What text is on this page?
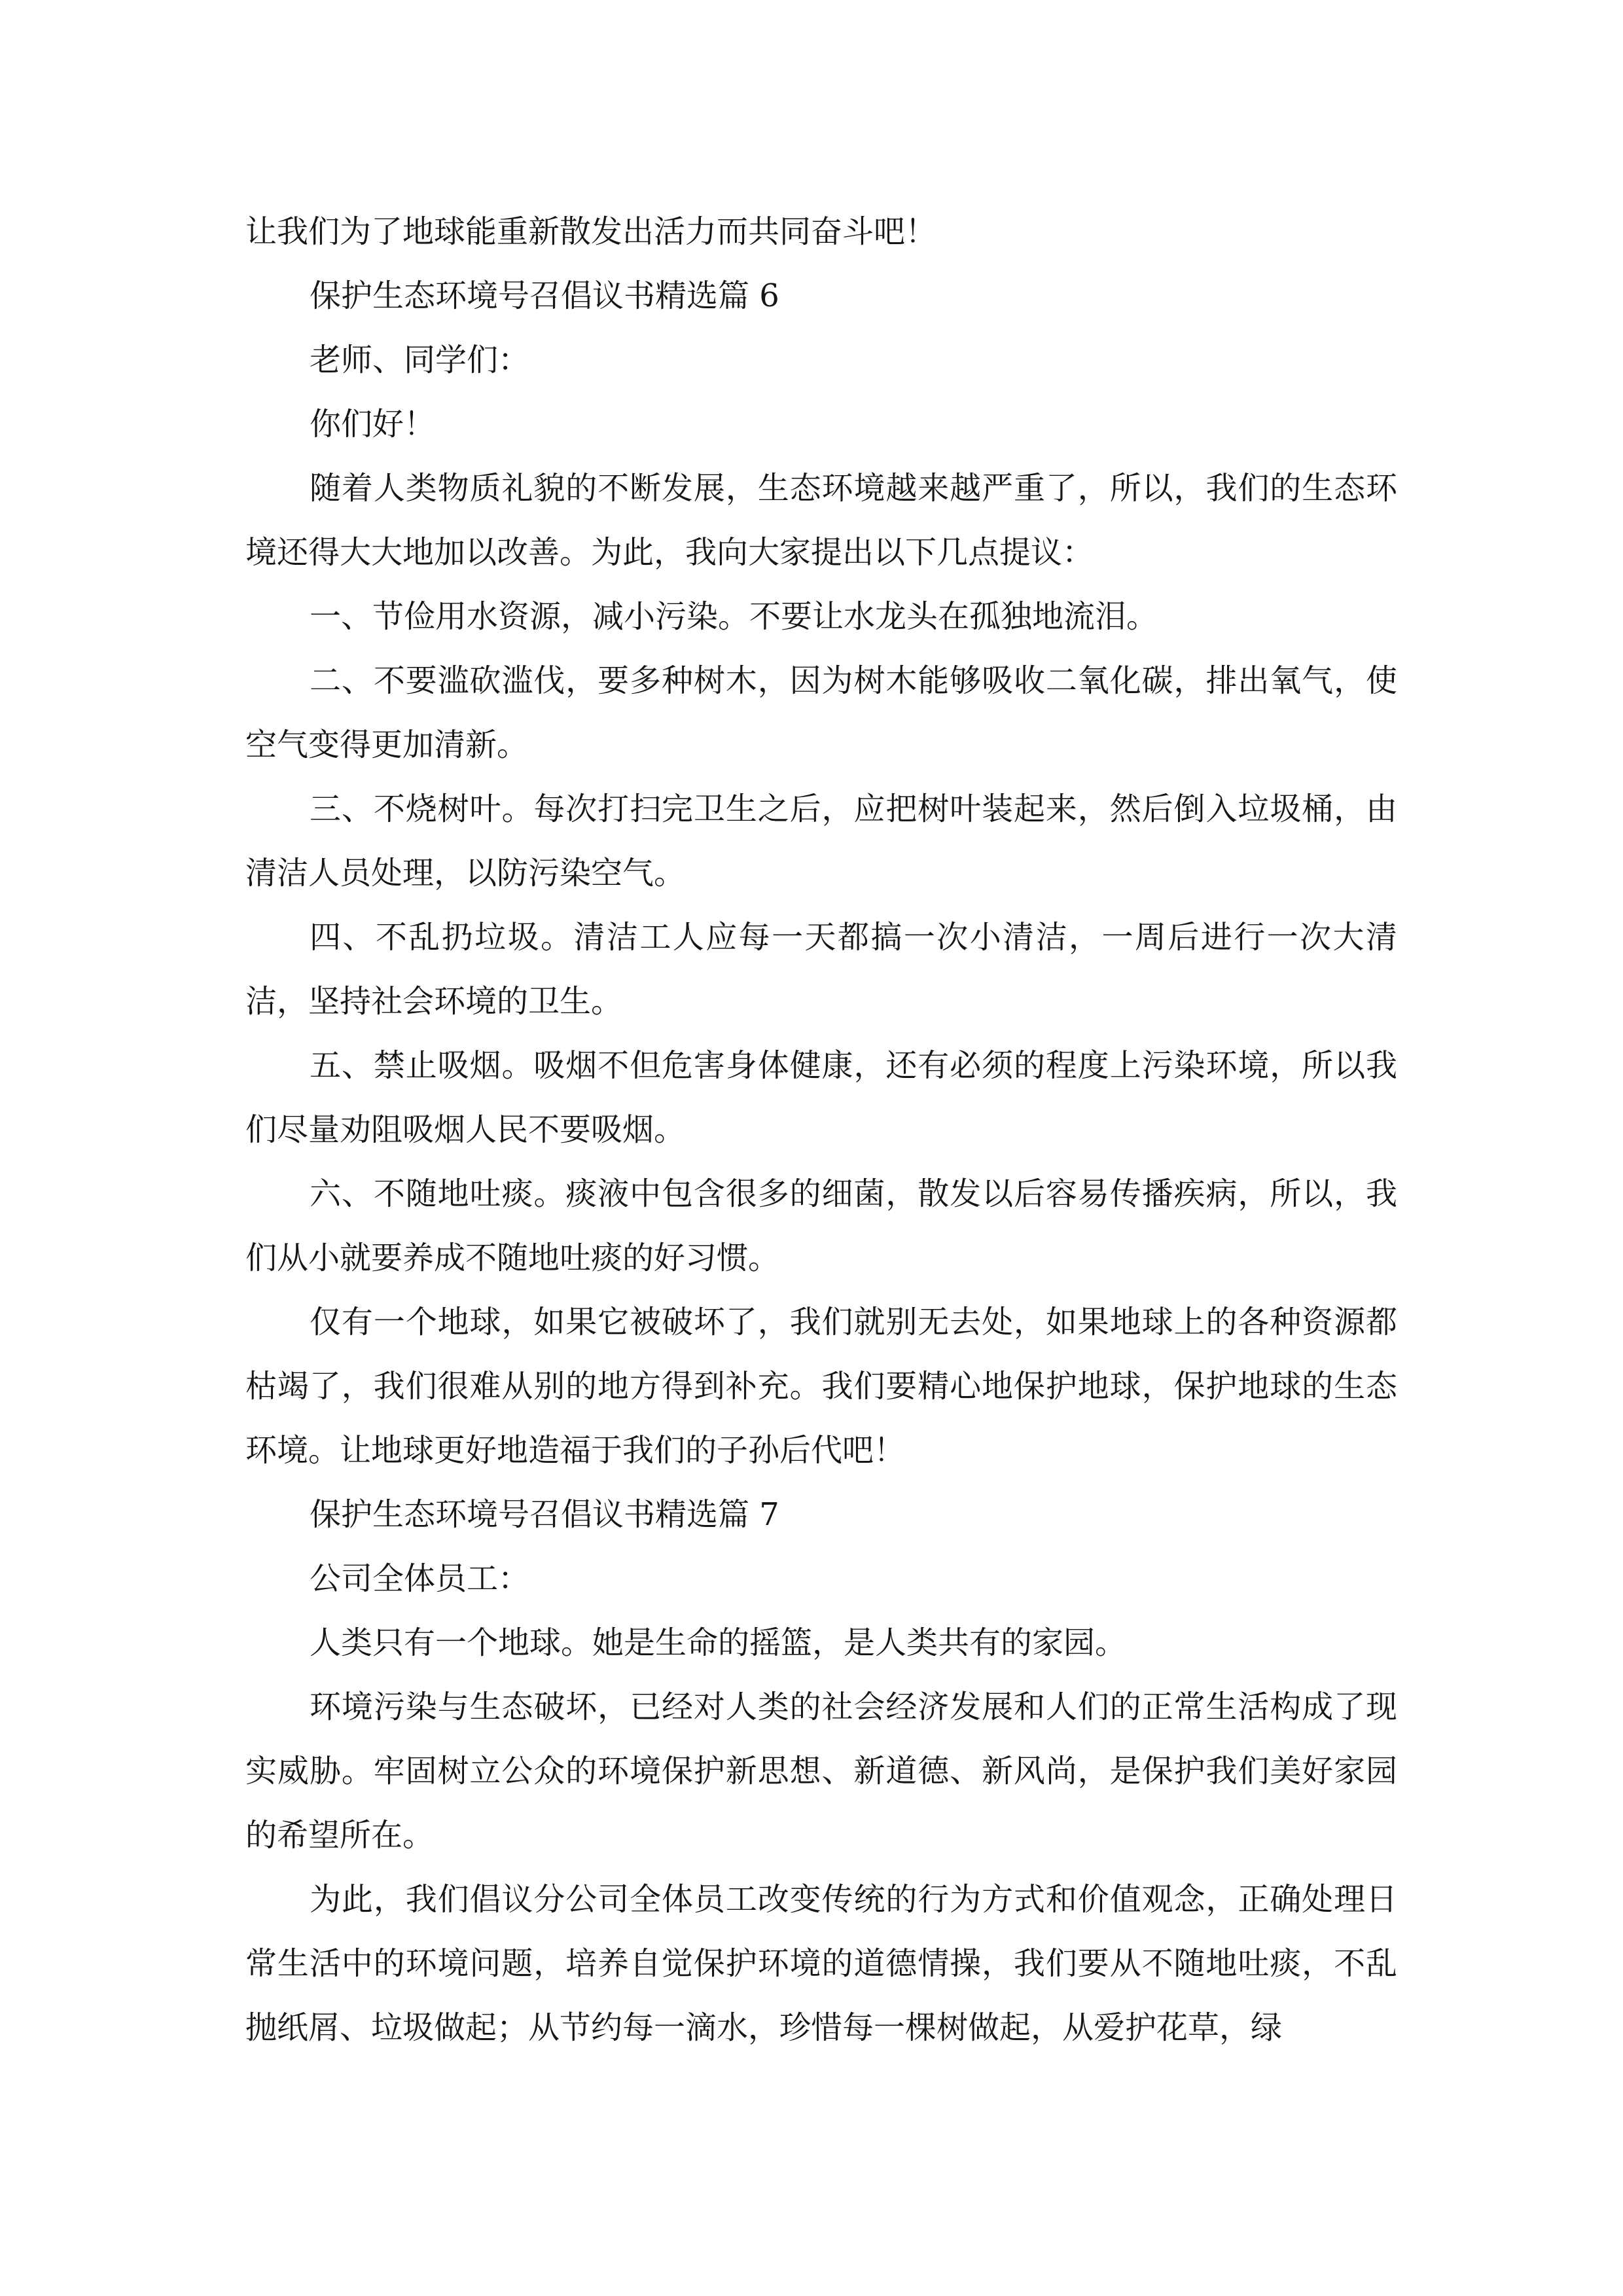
让我们为了地球能重新散发出活力而共同奋斗吧！

保护生态环境号召倡议书精选篇 6

老师、同学们：

你们好！

随着人类物质礼貌的不断发展，生态环境越来越严重了，所以，我们的生态环境还得大大地加以改善。为此，我向大家提出以下几点提议：

一、节俭用水资源，减小污染。不要让水龙头在孤独地流泪。

二、不要滥砍滥伐，要多种树木，因为树木能够吸收二氧化碳，排出氧气，使空气变得更加清新。

三、不烧树叶。每次打扫完卫生之后，应把树叶装起来，然后倒入垃圾桶，由清洁人员处理，以防污染空气。

四、不乱扔垃圾。清洁工人应每一天都搞一次小清洁，一周后进行一次大清洁，坚持社会环境的卫生。

五、禁止吸烟。吸烟不但危害身体健康，还有必须的程度上污染环境，所以我们尽量劝阻吸烟人民不要吸烟。

六、不随地吐痰。痰液中包含很多的细菌，散发以后容易传播疾病，所以，我们从小就要养成不随地吐痰的好习惯。

仅有一个地球，如果它被破坏了，我们就别无去处，如果地球上的各种资源都枯竭了，我们很难从别的地方得到补充。我们要精心地保护地球，保护地球的生态环境。让地球更好地造福于我们的子孙后代吧！

保护生态环境号召倡议书精选篇 7

公司全体员工：

人类只有一个地球。她是生命的摇篮，是人类共有的家园。

环境污染与生态破坏，已经对人类的社会经济发展和人们的正常生活构成了现实威胁。牢固树立公众的环境保护新思想、新道德、新风尚，是保护我们美好家园的希望所在。

为此，我们倡议分公司全体员工改变传统的行为方式和价值观念，正确处理日常生活中的环境问题，培养自觉保护环境的道德情操，我们要从不随地吐痰，不乱抛纸屑、垃圾做起；从节约每一滴水，珍惜每一棵树做起，从爱护花草，绿
